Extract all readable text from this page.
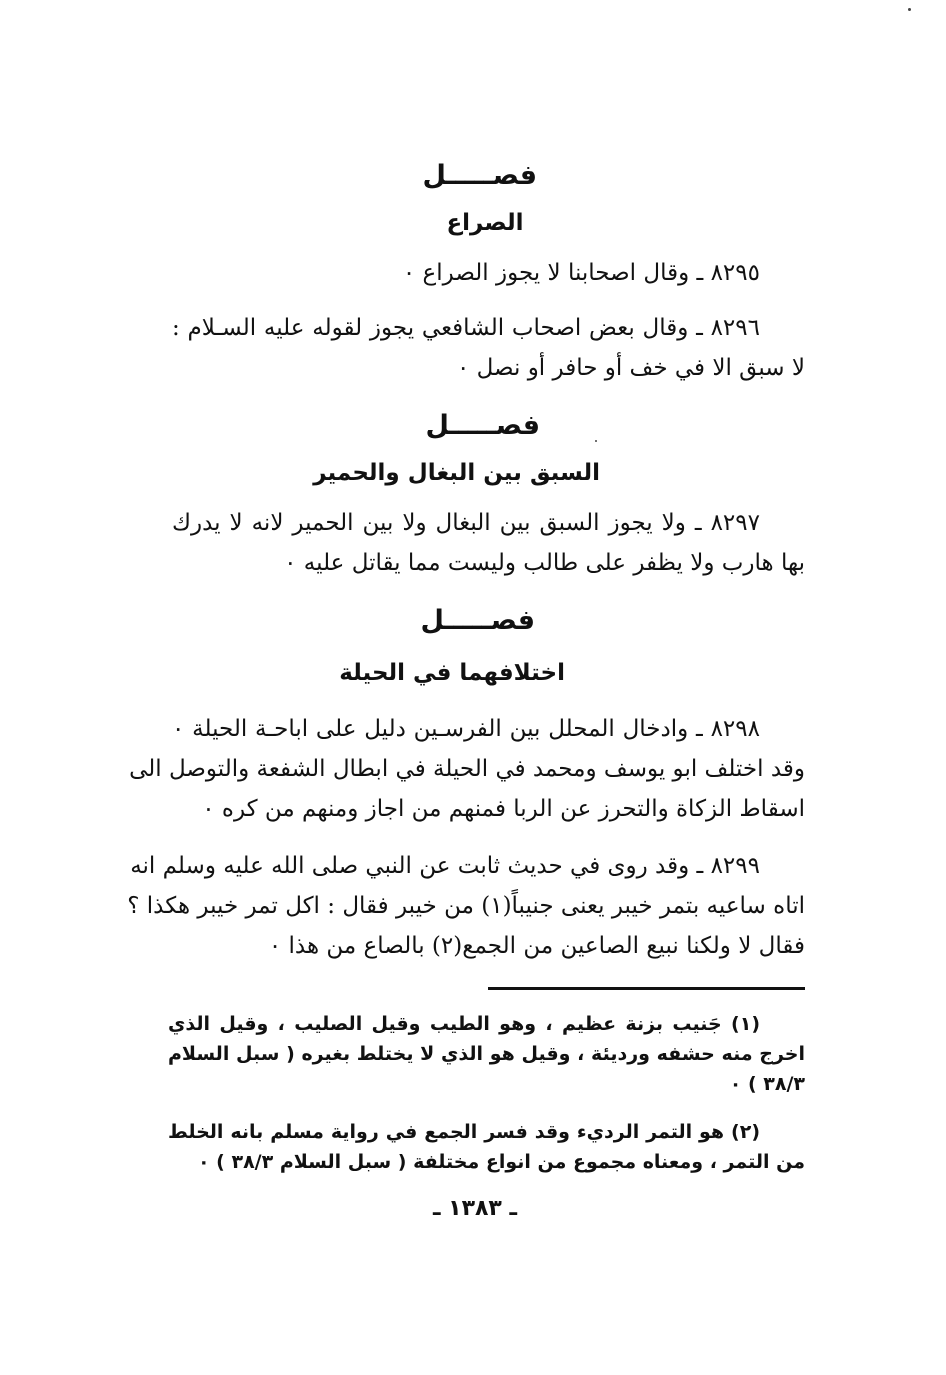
فصـــــل
الصراع
٨٢٩٥ ـ وقال اصحابنا لا يجوز الصراع ٠
٨٢٩٦ ـ وقال بعض اصحاب الشافعي يجوز لقوله عليه السـلام :
لا سبق الا في خف أو حافر أو نصل ٠
فصـــــل
السبق بين البغال والحمير
٨٢٩٧ ـ ولا يجوز السبق بين البغال ولا بين الحمير لانه لا يدرك
بها هارب ولا يظفر على طالب وليست مما يقاتل عليه ٠
فصـــــل
اختلافهما في الحيلة
٨٢٩٨ ـ وادخال المحلل بين الفرسـين دليل على اباحـة الحيلة ٠
وقد اختلف ابو يوسف ومحمد في الحيلة في ابطال الشفعة والتوصل الى
اسقاط الزكاة والتحرز عن الربا فمنهم من اجاز ومنهم من كره ٠
٨٢٩٩ ـ وقد روى في حديث ثابت عن النبي صلى الله عليه وسلم انه
اتاه ساعيه بتمر خيبر يعنى جنيباً(١) من خيبر فقال : اكل تمر خيبر هكذا ؟
فقال لا ولكنا نبيع الصاعين من الجمع(٢) بالصاع من هذا ٠
(١) جَنيب بزنة عظيم ، وهو الطيب وقيل الصليب ، وقيل الذي
اخرج منه حشفه ورديئة ، وقيل هو الذي لا يختلط بغيره ( سبل السلام
٣٨/٣ ) ٠
(٢) هو التمر الرديء وقد فسر الجمع في رواية مسلم بانه الخلط
من التمر ، ومعناه مجموع من انواع مختلفة ( سبل السلام ٣٨/٣ ) ٠
ـ ١٣٨٣ ـ
